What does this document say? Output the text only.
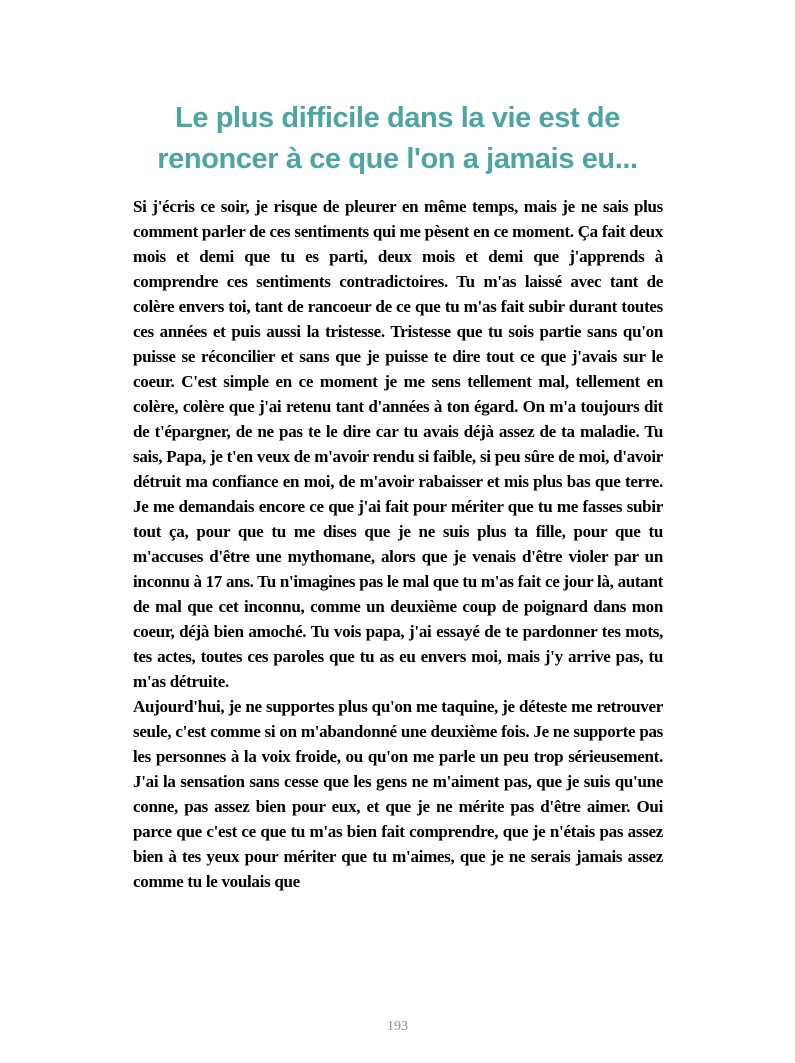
Le plus difficile dans la vie est de
renoncer à ce que l'on a jamais eu...

Si j'écris ce soir, je risque de pleurer en même temps, mais je ne sais plus comment parler de ces sentiments qui me pèsent en ce moment. Ça fait deux mois et demi que tu es parti, deux mois et demi que j'apprends à comprendre ces sentiments contradictoires. Tu m'as laissé avec tant de colère envers toi, tant de rancoeur de ce que tu m'as fait subir durant toutes ces années et puis aussi la tristesse. Tristesse que tu sois partie sans qu'on puisse se réconcilier et sans que je puisse te dire tout ce que j'avais sur le coeur. C'est simple en ce moment je me sens tellement mal, tellement en colère, colère que j'ai retenu tant d'années à ton égard. On m'a toujours dit de t'épargner, de ne pas te le dire car tu avais déjà assez de ta maladie. Tu sais, Papa, je t'en veux de m'avoir rendu si faible, si peu sûre de moi, d'avoir détruit ma confiance en moi, de m'avoir rabaisser et mis plus bas que terre. Je me demandais encore ce que j'ai fait pour mériter que tu me fasses subir tout ça, pour que tu me dises que je ne suis plus ta fille, pour que tu m'accuses d'être une mythomane, alors que je venais d'être violer par un inconnu à 17 ans. Tu n'imagines pas le mal que tu m'as fait ce jour là, autant de mal que cet inconnu, comme un deuxième coup de poignard dans mon coeur, déjà bien amoché. Tu vois papa, j'ai essayé de te pardonner tes mots, tes actes, toutes ces paroles que tu as eu envers moi, mais j'y arrive pas, tu m'as détruite.

Aujourd'hui, je ne supportes plus qu'on me taquine, je déteste me retrouver seule, c'est comme si on m'abandonné une deuxième fois. Je ne supporte pas les personnes à la voix froide, ou qu'on me parle un peu trop sérieusement. J'ai la sensation sans cesse que les gens ne m'aiment pas, que je suis qu'une conne, pas assez bien pour eux, et que je ne mérite pas d'être aimer. Oui parce que c'est ce que tu m'as bien fait comprendre, que je n'étais pas assez bien à tes yeux pour mériter que tu m'aimes, que je ne serais jamais assez comme tu le voulais que

193
